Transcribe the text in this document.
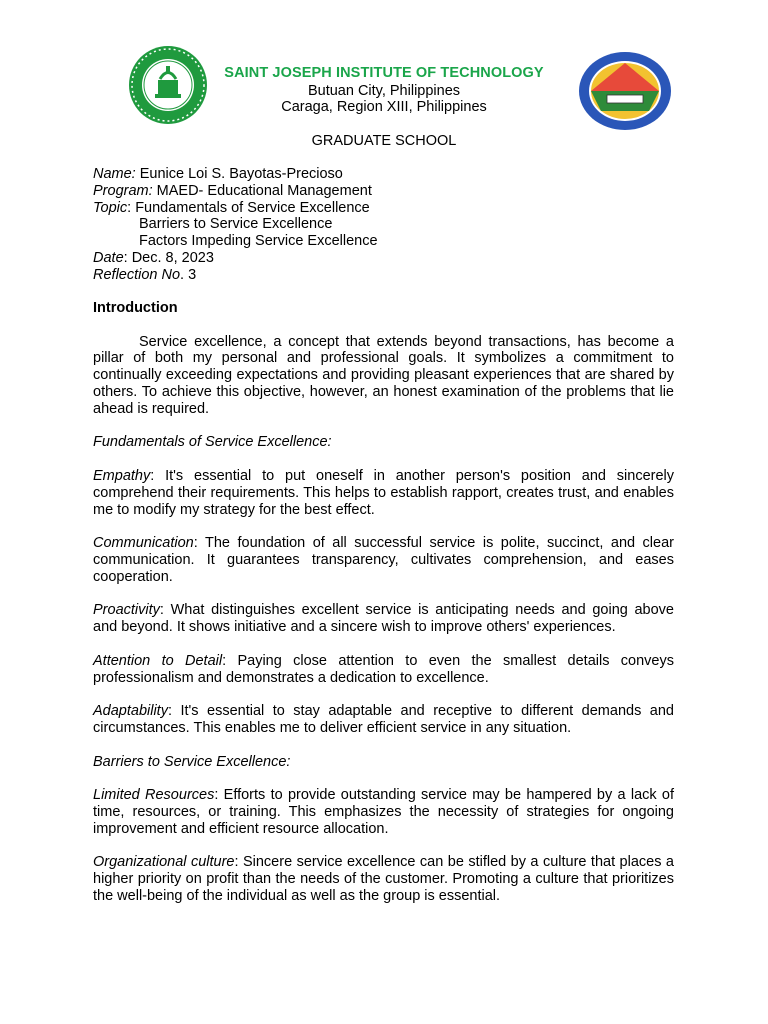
SAINT JOSEPH INSTITUTE OF TECHNOLOGY
Butuan City, Philippines
Caraga, Region XIII, Philippines
GRADUATE SCHOOL
Name: Eunice Loi S. Bayotas-Precioso
Program: MAED- Educational Management
Topic: Fundamentals of Service Excellence
Barriers to Service Excellence
Factors Impeding Service Excellence
Date: Dec. 8, 2023
Reflection No. 3
Introduction

Service excellence, a concept that extends beyond transactions, has become a pillar of both my personal and professional goals. It symbolizes a commitment to continually exceeding expectations and providing pleasant experiences that are shared by others. To achieve this objective, however, an honest examination of the problems that lie ahead is required.

Fundamentals of Service Excellence:

Empathy: It's essential to put oneself in another person's position and sincerely comprehend their requirements. This helps to establish rapport, creates trust, and enables me to modify my strategy for the best effect.

Communication: The foundation of all successful service is polite, succinct, and clear communication. It guarantees transparency, cultivates comprehension, and eases cooperation.

Proactivity: What distinguishes excellent service is anticipating needs and going above and beyond. It shows initiative and a sincere wish to improve others' experiences.

Attention to Detail: Paying close attention to even the smallest details conveys professionalism and demonstrates a dedication to excellence.

Adaptability: It's essential to stay adaptable and receptive to different demands and circumstances. This enables me to deliver efficient service in any situation.

Barriers to Service Excellence:

Limited Resources: Efforts to provide outstanding service may be hampered by a lack of time, resources, or training. This emphasizes the necessity of strategies for ongoing improvement and efficient resource allocation.

Organizational culture: Sincere service excellence can be stifled by a culture that places a higher priority on profit than the needs of the customer. Promoting a culture that prioritizes the well-being of the individual as well as the group is essential.
